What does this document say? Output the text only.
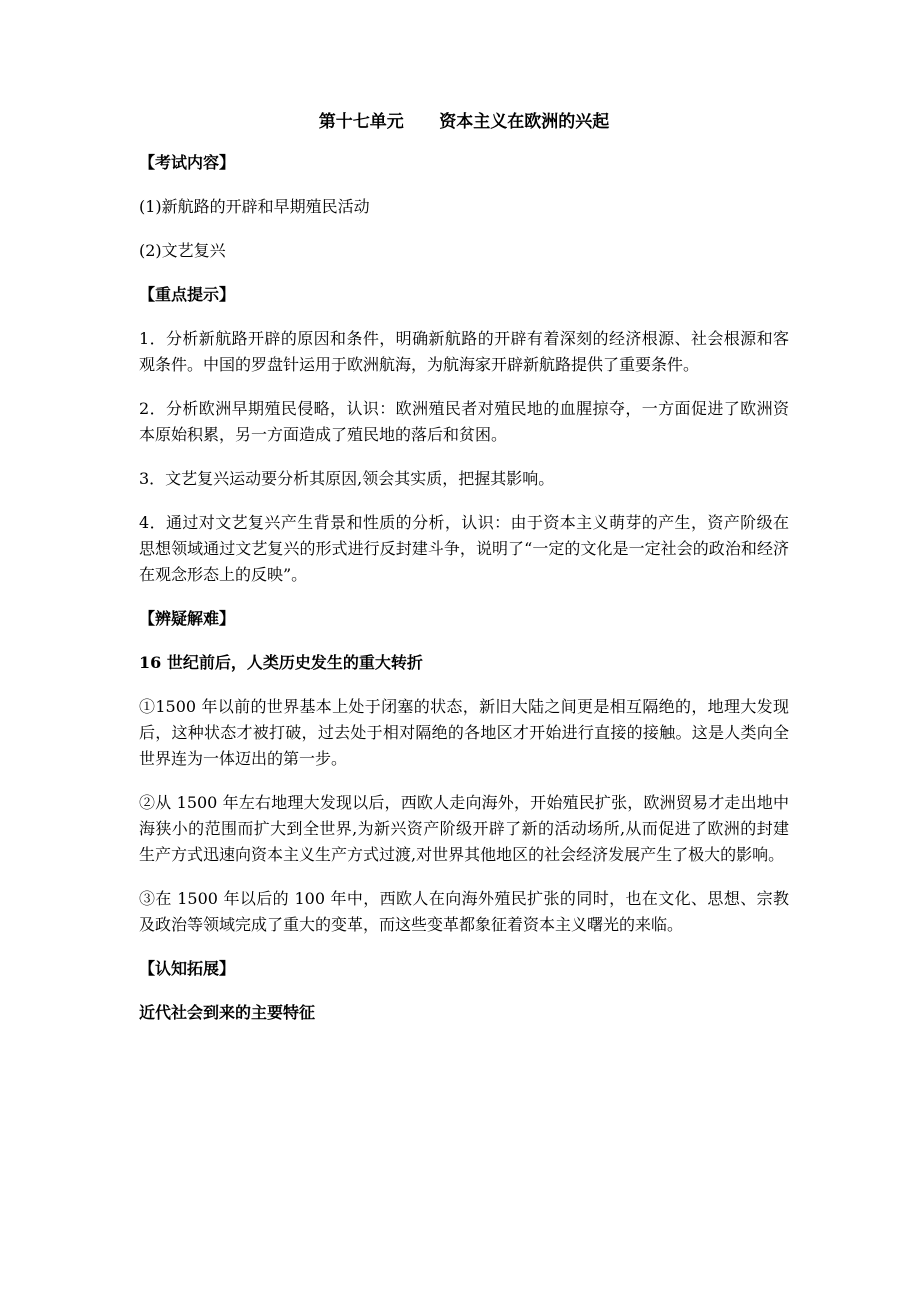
第十七单元      资本主义在欧洲的兴起
【考试内容】
(1)新航路的开辟和早期殖民活动
(2)文艺复兴
【重点提示】
1．分析新航路开辟的原因和条件，明确新航路的开辟有着深刻的经济根源、社会根源和客观条件。中国的罗盘针运用于欧洲航海，为航海家开辟新航路提供了重要条件。
2．分析欧洲早期殖民侵略，认识：欧洲殖民者对殖民地的血腥掠夺，一方面促进了欧洲资本原始积累，另一方面造成了殖民地的落后和贫困。
3．文艺复兴运动要分析其原因,领会其实质，把握其影响。
4．通过对文艺复兴产生背景和性质的分析，认识：由于资本主义萌芽的产生，资产阶级在思想领域通过文艺复兴的形式进行反封建斗争，说明了“一定的文化是一定社会的政治和经济在观念形态上的反映”。
【辨疑解难】
16 世纪前后，人类历史发生的重大转折
①1500 年以前的世界基本上处于闭塞的状态，新旧大陆之间更是相互隔绝的，地理大发现后，这种状态才被打破，过去处于相对隔绝的各地区才开始进行直接的接触。这是人类向全世界连为一体迈出的第一步。
②从 1500 年左右地理大发现以后，西欧人走向海外，开始殖民扩张，欧洲贸易才走出地中海狭小的范围而扩大到全世界,为新兴资产阶级开辟了新的活动场所,从而促进了欧洲的封建生产方式迅速向资本主义生产方式过渡,对世界其他地区的社会经济发展产生了极大的影响。
③在 1500 年以后的 100 年中，西欧人在向海外殖民扩张的同时，也在文化、思想、宗教及政治等领域完成了重大的变革，而这些变革都象征着资本主义曙光的来临。
【认知拓展】
近代社会到来的主要特征
